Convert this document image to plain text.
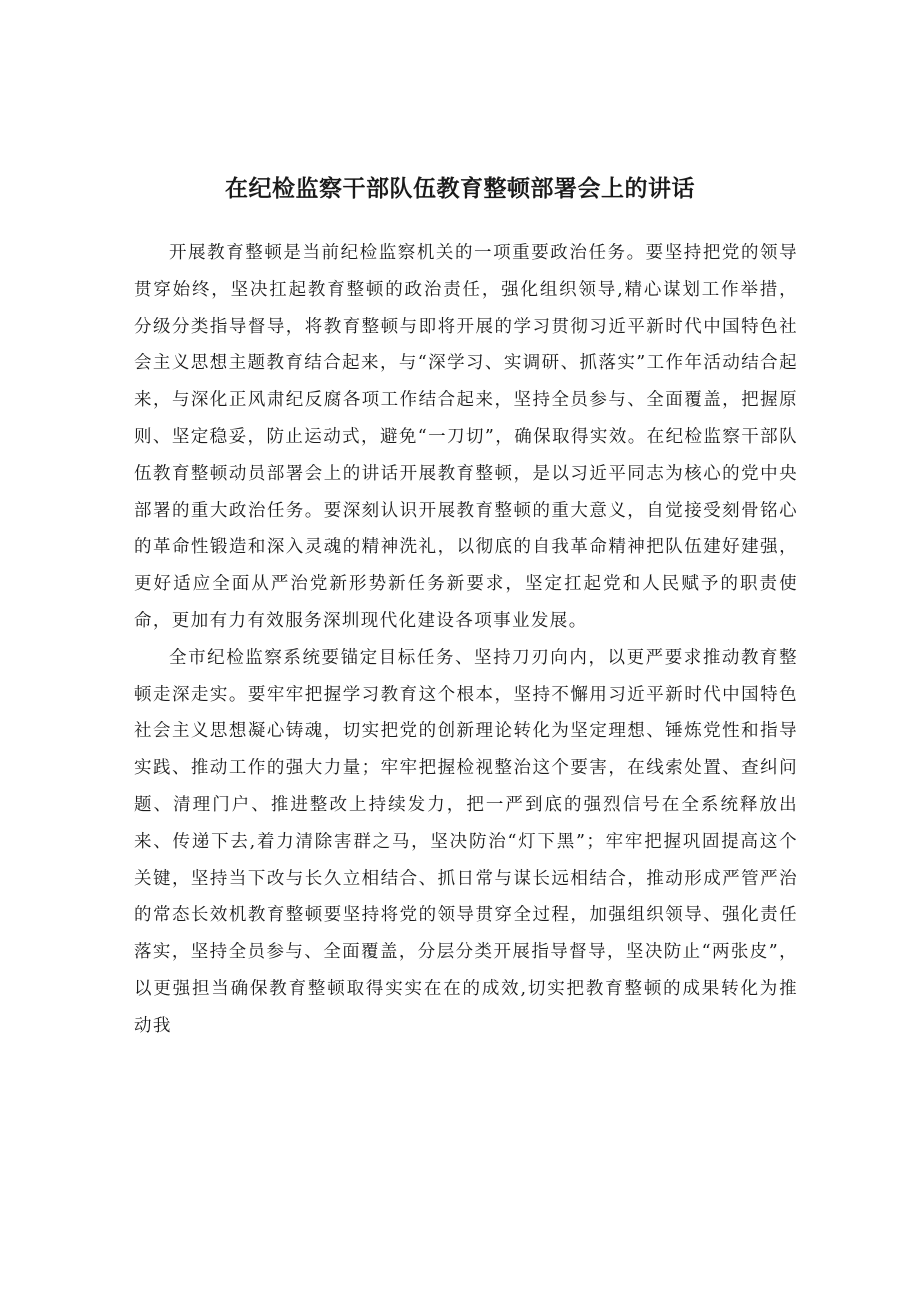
在纪检监察干部队伍教育整顿部署会上的讲话

开展教育整顿是当前纪检监察机关的一项重要政治任务。要坚持把党的领导贯穿始终，坚决扛起教育整顿的政治责任，强化组织领导,精心谋划工作举措，分级分类指导督导，将教育整顿与即将开展的学习贯彻习近平新时代中国特色社会主义思想主题教育结合起来，与“深学习、实调研、抓落实”工作年活动结合起来，与深化正风肃纪反腐各项工作结合起来，坚持全员参与、全面覆盖，把握原则、坚定稳妥，防止运动式，避免“一刀切”，确保取得实效。在纪检监察干部队伍教育整顿动员部署会上的讲话开展教育整顿，是以习近平同志为核心的党中央部署的重大政治任务。要深刻认识开展教育整顿的重大意义，自觉接受刻骨铭心的革命性锻造和深入灵魂的精神洗礼，以彻底的自我革命精神把队伍建好建强，更好适应全面从严治党新形势新任务新要求，坚定扛起党和人民赋予的职责使命，更加有力有效服务深圳现代化建设各项事业发展。

全市纪检监察系统要锚定目标任务、坚持刀刃向内，以更严要求推动教育整顿走深走实。要牢牢把握学习教育这个根本，坚持不懈用习近平新时代中国特色社会主义思想凝心铸魂，切实把党的创新理论转化为坚定理想、锤炼党性和指导实践、推动工作的强大力量；牢牢把握检视整治这个要害，在线索处置、查纠问题、清理门户、推进整改上持续发力，把一严到底的强烈信号在全系统释放出来、传递下去,着力清除害群之马，坚决防治“灯下黑”；牢牢把握巩固提高这个关键，坚持当下改与长久立相结合、抓日常与谋长远相结合，推动形成严管严治的常态长效机教育整顿要坚持将党的领导贯穿全过程，加强组织领导、强化责任落实，坚持全员参与、全面覆盖，分层分类开展指导督导，坚决防止“两张皮”，以更强担当确保教育整顿取得实实在在的成效,切实把教育整顿的成果转化为推动我
